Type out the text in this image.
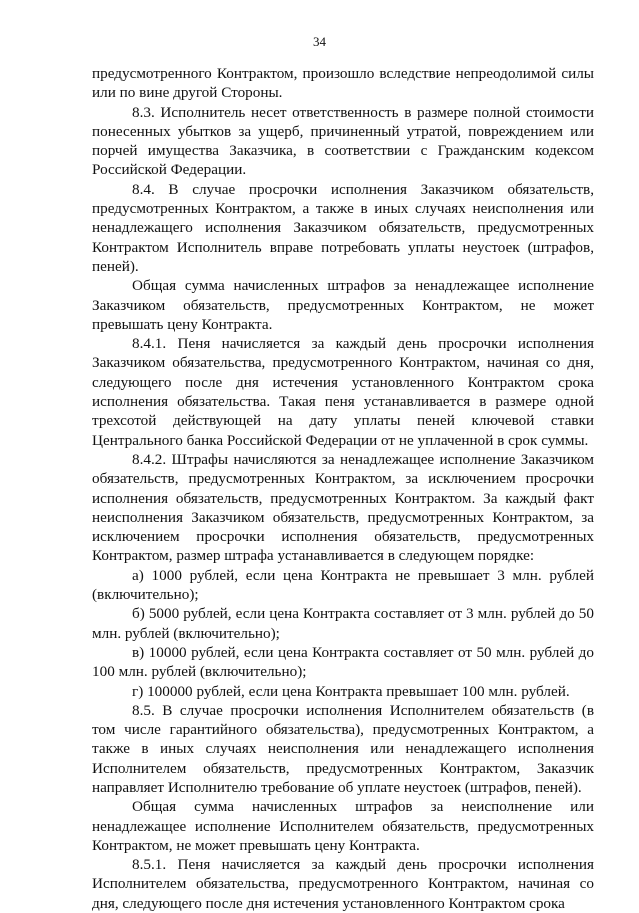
34

предусмотренного Контрактом, произошло вследствие непреодолимой силы или по вине другой Стороны.

8.3. Исполнитель несет ответственность в размере полной стоимости понесенных убытков за ущерб, причиненный утратой, повреждением или порчей имущества Заказчика, в соответствии с Гражданским кодексом Российской Федерации.

8.4. В случае просрочки исполнения Заказчиком обязательств, предусмотренных Контрактом, а также в иных случаях неисполнения или ненадлежащего исполнения Заказчиком обязательств, предусмотренных Контрактом Исполнитель вправе потребовать уплаты неустоек (штрафов, пеней).

Общая сумма начисленных штрафов за ненадлежащее исполнение Заказчиком обязательств, предусмотренных Контрактом, не может превышать цену Контракта.

8.4.1. Пеня начисляется за каждый день просрочки исполнения Заказчиком обязательства, предусмотренного Контрактом, начиная со дня, следующего после дня истечения установленного Контрактом срока исполнения обязательства. Такая пеня устанавливается в размере одной трехсотой действующей на дату уплаты пеней ключевой ставки Центрального банка Российской Федерации от не уплаченной в срок суммы.

8.4.2. Штрафы начисляются за ненадлежащее исполнение Заказчиком обязательств, предусмотренных Контрактом, за исключением просрочки исполнения обязательств, предусмотренных Контрактом. За каждый факт неисполнения Заказчиком обязательств, предусмотренных Контрактом, за исключением просрочки исполнения обязательств, предусмотренных Контрактом, размер штрафа устанавливается в следующем порядке:

а) 1000 рублей, если цена Контракта не превышает 3 млн. рублей (включительно);

б) 5000 рублей, если цена Контракта составляет от 3 млн. рублей до 50 млн. рублей (включительно);

в) 10000 рублей, если цена Контракта составляет от 50 млн. рублей до 100 млн. рублей (включительно);

г) 100000 рублей, если цена Контракта превышает 100 млн. рублей.

8.5. В случае просрочки исполнения Исполнителем обязательств (в том числе гарантийного обязательства), предусмотренных Контрактом, а также в иных случаях неисполнения или ненадлежащего исполнения Исполнителем обязательств, предусмотренных Контрактом, Заказчик направляет Исполнителю требование об уплате неустоек (штрафов, пеней).

Общая сумма начисленных штрафов за неисполнение или ненадлежащее исполнение Исполнителем обязательств, предусмотренных Контрактом, не может превышать цену Контракта.

8.5.1. Пеня начисляется за каждый день просрочки исполнения Исполнителем обязательства, предусмотренного Контрактом, начиная со дня, следующего после дня истечения установленного Контрактом срока
